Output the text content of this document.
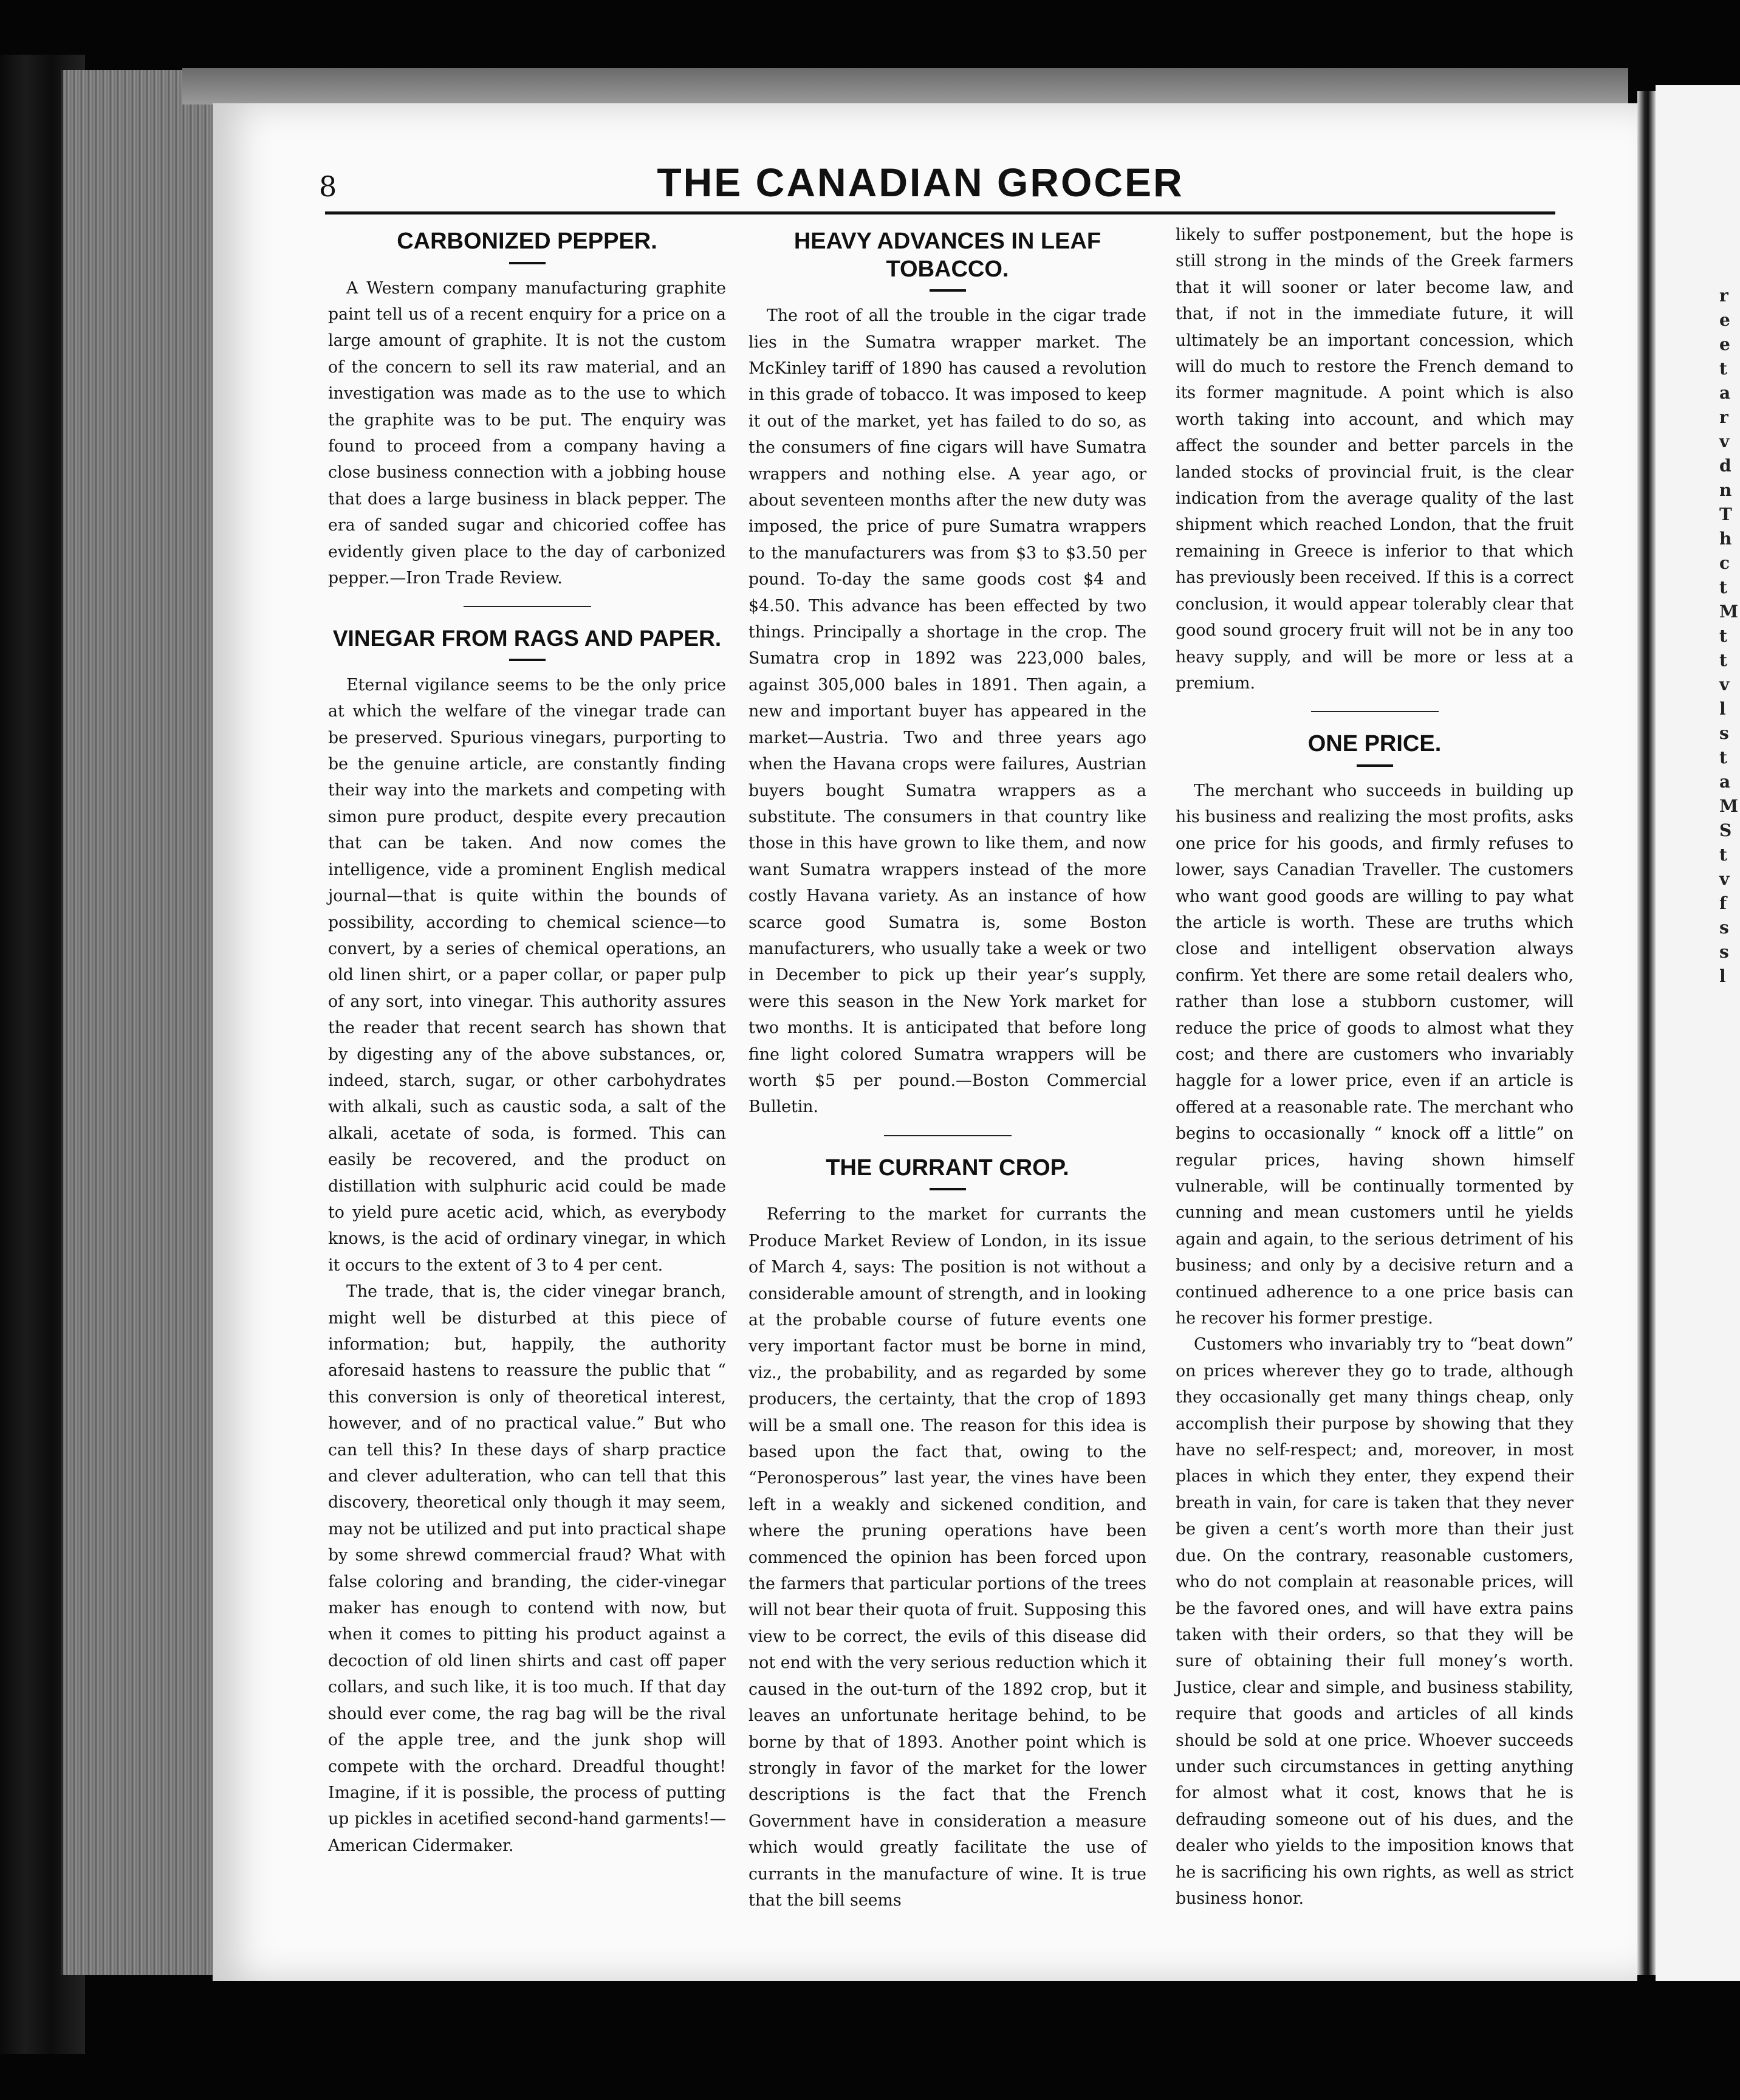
r
e
e
t
a
r
v
d
n
T
h
c
t
M
t
t
v
l
s
t
a
M
S
t
v
f
s
s
l
8	THE CANADIAN GROCER
CARBONIZED PEPPER.

A Western company manufacturing graphite paint tell us of a recent enquiry for a price on a large amount of graphite. It is not the custom of the concern to sell its raw material, and an investigation was made as to the use to which the graphite was to be put. The enquiry was found to proceed from a company having a close business connection with a jobbing house that does a large business in black pepper. The era of sanded sugar and chicoried coffee has evidently given place to the day of carbonized pepper.—Iron Trade Review.

VINEGAR FROM RAGS AND PAPER.

Eternal vigilance seems to be the only price at which the welfare of the vinegar trade can be preserved. Spurious vinegars, purporting to be the genuine article, are constantly finding their way into the markets and competing with simon pure product, despite every precaution that can be taken. And now comes the intelligence, vide a prominent English medical journal—that is quite within the bounds of possibility, according to chemical science—to convert, by a series of chemical operations, an old linen shirt, or a paper collar, or paper pulp of any sort, into vinegar. This authority assures the reader that recent search has shown that by digesting any of the above substances, or, indeed, starch, sugar, or other carbohydrates with alkali, such as caustic soda, a salt of the alkali, acetate of soda, is formed. This can easily be recovered, and the product on distillation with sulphuric acid could be made to yield pure acetic acid, which, as everybody knows, is the acid of ordinary vinegar, in which it occurs to the extent of 3 to 4 per cent.

The trade, that is, the cider vinegar branch, might well be disturbed at this piece of information; but, happily, the authority aforesaid hastens to reassure the public that “ this conversion is only of theoretical interest, however, and of no practical value.” But who can tell this? In these days of sharp practice and clever adulteration, who can tell that this discovery, theoretical only though it may seem, may not be utilized and put into practical shape by some shrewd commercial fraud? What with false coloring and branding, the cider-vinegar maker has enough to contend with now, but when it comes to pitting his product against a decoction of old linen shirts and cast off paper collars, and such like, it is too much. If that day should ever come, the rag bag will be the rival of the apple tree, and the junk shop will compete with the orchard. Dreadful thought! Imagine, if it is possible, the process of putting up pickles in acetified second-hand garments!—American Cidermaker.

HEAVY ADVANCES IN LEAF TOBACCO.

The root of all the trouble in the cigar trade lies in the Sumatra wrapper market. The McKinley tariff of 1890 has caused a revolution in this grade of tobacco. It was imposed to keep it out of the market, yet has failed to do so, as the consumers of fine cigars will have Sumatra wrappers and nothing else. A year ago, or about seventeen months after the new duty was imposed, the price of pure Sumatra wrappers to the manufacturers was from $3 to $3.50 per pound. To-day the same goods cost $4 and $4.50. This advance has been effected by two things. Principally a shortage in the crop. The Sumatra crop in 1892 was 223,000 bales, against 305,000 bales in 1891. Then again, a new and important buyer has appeared in the market—Austria. Two and three years ago when the Havana crops were failures, Austrian buyers bought Sumatra wrappers as a substitute. The consumers in that country like those in this have grown to like them, and now want Sumatra wrappers instead of the more costly Havana variety. As an instance of how scarce good Sumatra is, some Boston manufacturers, who usually take a week or two in December to pick up their year’s supply, were this season in the New York market for two months. It is anticipated that before long fine light colored Sumatra wrappers will be worth $5 per pound.—Boston Commercial Bulletin.

THE CURRANT CROP.

Referring to the market for currants the Produce Market Review of London, in its issue of March 4, says: The position is not without a considerable amount of strength, and in looking at the probable course of future events one very important factor must be borne in mind, viz., the probability, and as regarded by some producers, the certainty, that the crop of 1893 will be a small one. The reason for this idea is based upon the fact that, owing to the “Peronosperous” last year, the vines have been left in a weakly and sickened condition, and where the pruning operations have been commenced the opinion has been forced upon the farmers that particular portions of the trees will not bear their quota of fruit. Supposing this view to be correct, the evils of this disease did not end with the very serious reduction which it caused in the out-turn of the 1892 crop, but it leaves an unfortunate heritage behind, to be borne by that of 1893. Another point which is strongly in favor of the market for the lower descriptions is the fact that the French Government have in consideration a measure which would greatly facilitate the use of currants in the manufacture of wine. It is true that the bill seems

likely to suffer postponement, but the hope is still strong in the minds of the Greek farmers that it will sooner or later become law, and that, if not in the immediate future, it will ultimately be an important concession, which will do much to restore the French demand to its former magnitude. A point which is also worth taking into account, and which may affect the sounder and better parcels in the landed stocks of provincial fruit, is the clear indication from the average quality of the last shipment which reached London, that the fruit remaining in Greece is inferior to that which has previously been received. If this is a correct conclusion, it would appear tolerably clear that good sound grocery fruit will not be in any too heavy supply, and will be more or less at a premium.

ONE PRICE.

The merchant who succeeds in building up his business and realizing the most profits, asks one price for his goods, and firmly refuses to lower, says Canadian Traveller. The customers who want good goods are willing to pay what the article is worth. These are truths which close and intelligent observation always confirm. Yet there are some retail dealers who, rather than lose a stubborn customer, will reduce the price of goods to almost what they cost; and there are customers who invariably haggle for a lower price, even if an article is offered at a reasonable rate. The merchant who begins to occasionally “ knock off a little” on regular prices, having shown himself vulnerable, will be continually tormented by cunning and mean customers until he yields again and again, to the serious detriment of his business; and only by a decisive return and a continued adherence to a one price basis can he recover his former prestige.

Customers who invariably try to “beat down” on prices wherever they go to trade, although they occasionally get many things cheap, only accomplish their purpose by showing that they have no self-respect; and, moreover, in most places in which they enter, they expend their breath in vain, for care is taken that they never be given a cent’s worth more than their just due. On the contrary, reasonable customers, who do not complain at reasonable prices, will be the favored ones, and will have extra pains taken with their orders, so that they will be sure of obtaining their full money’s worth. Justice, clear and simple, and business stability, require that goods and articles of all kinds should be sold at one price. Whoever succeeds under such circumstances in getting anything for almost what it cost, knows that he is defrauding someone out of his dues, and the dealer who yields to the imposition knows that he is sacrificing his own rights, as well as strict business honor.
